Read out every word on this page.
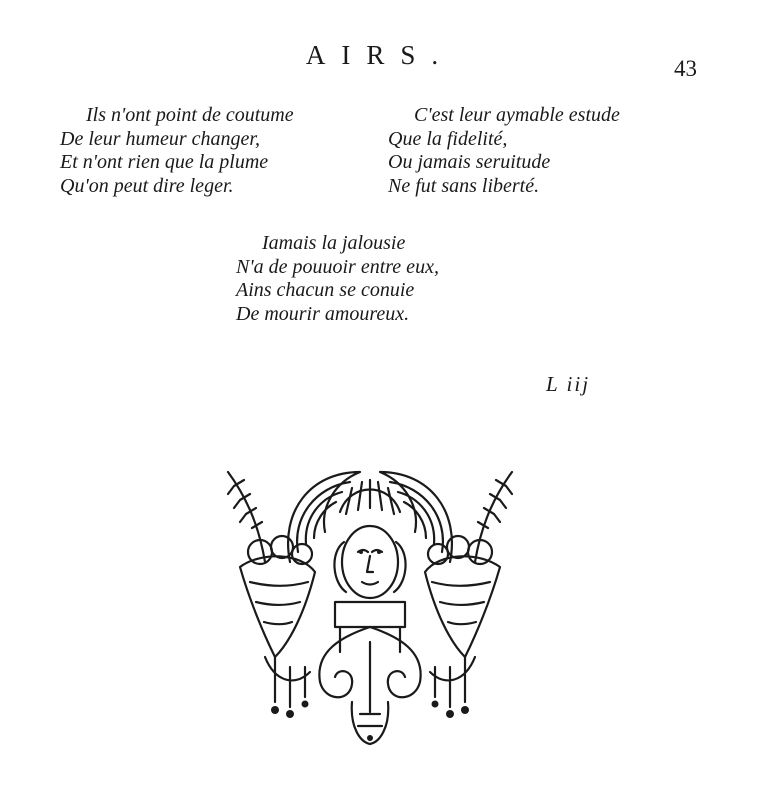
AIRS.	43
Ils n'ont point de coutume
De leur humeur changer,
Et n'ont rien que la plume
Qu'on peut dire leger.
C'est leur aymable estude
Que la fidelité,
Ou jamais seruitude
Ne fut sans liberté.
Iamais la jalousie
N'a de pouuoir entre eux,
Ains chacun se conuie
De mourir amoureux.
L iij
